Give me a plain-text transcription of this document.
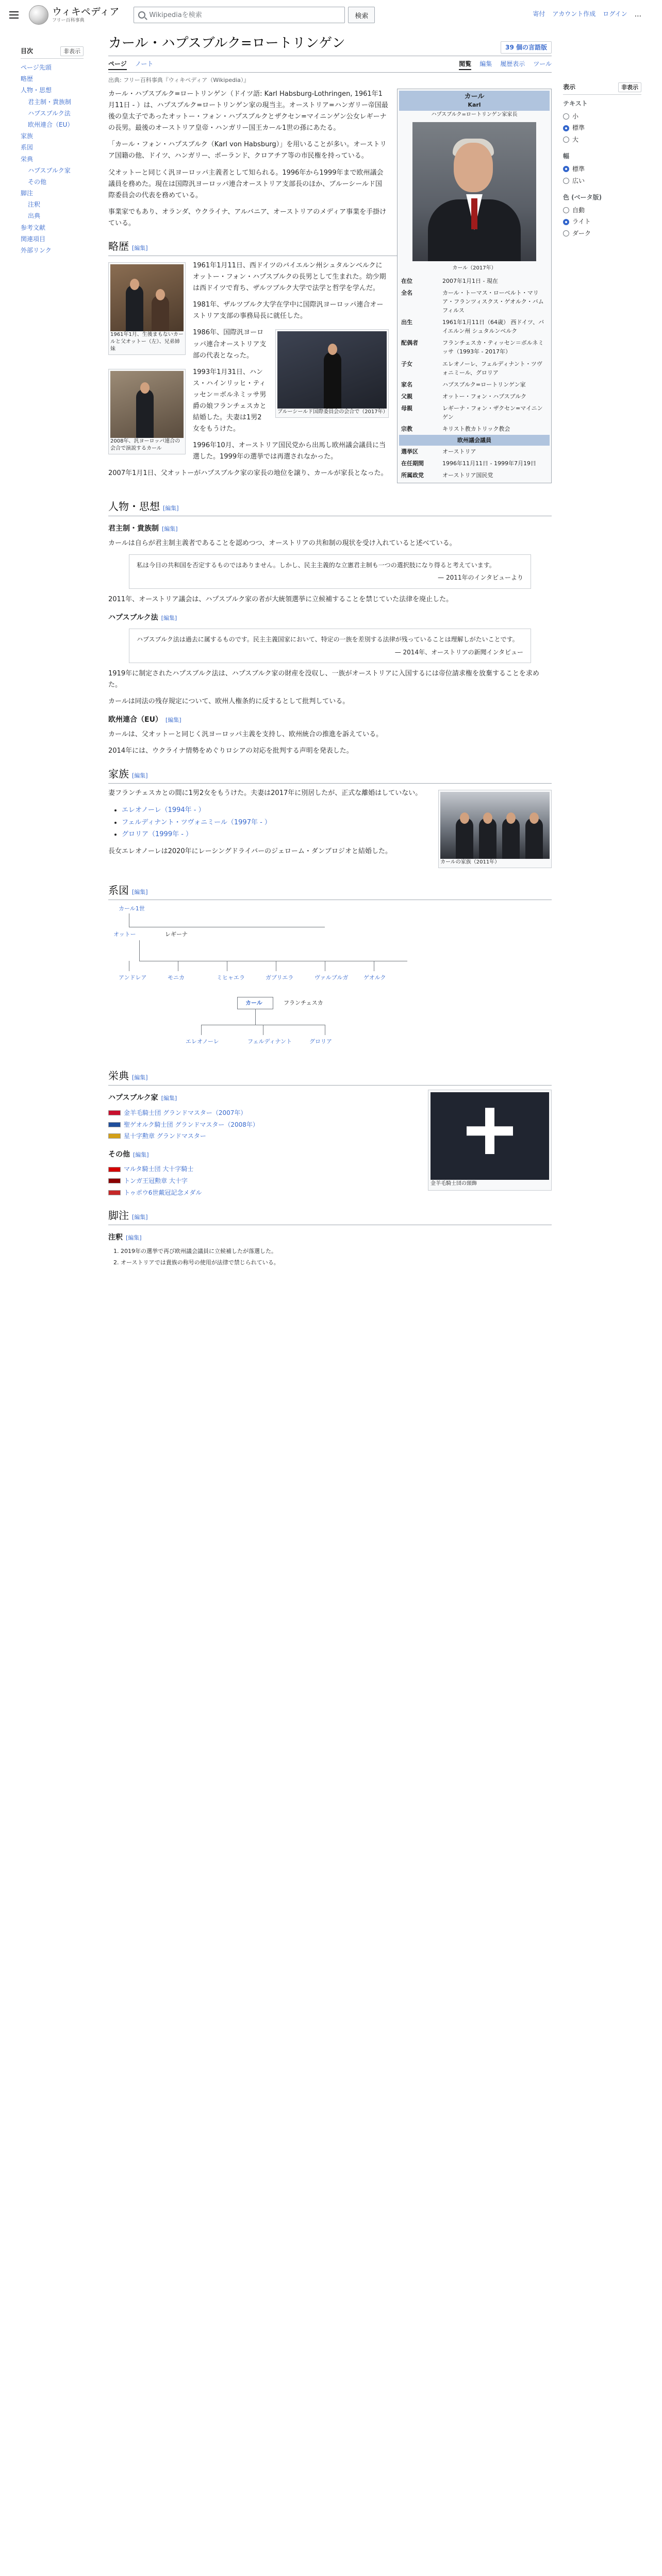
ウィキペディア
フリー百科事典
Wikipediaを検索
検索	寄付 アカウント作成 ログイン ...
目次	非表示
ページ先頭
略歴
人物・思想
君主制・貴族制
ハプスブルク法
欧州連合（EU）
家族
系図
栄典
ハプスブルク家
その他
脚注
注釈
出典
参考文献
関連項目
外部リンク
表示	非表示
テキスト
小
標準
大
幅
標準
広い
色 (ベータ版)
自動
ライト
ダーク
カール・ハプスブルク=ロートリンゲン	39 個の言語版
ページ ノート	閲覧 編集 履歴表示 ツール
出典: フリー百科事典『ウィキペディア（Wikipedia）』
カール
Karl
ハプスブルク=ロートリンゲン家家長
カール（2017年）
在位	2007年1月1日 - 現在
全名	カール・トーマス・ローベルト・マリア・フランツィスクス・ゲオルク・バムフィルス
出生	1961年1月11日（64歳） 西ドイツ、バイエルン州 シュタルンベルク
配偶者	フランチェスカ・ティッセン＝ボルネミッサ（1993年 - 2017年）
子女	エレオノーレ、フェルディナント・ツヴォニミール、グロリア
家名	ハプスブルク=ロートリンゲン家
父親	オットー・フォン・ハプスブルク
母親	レギーナ・フォン・ザクセン=マイニンゲン
宗教	キリスト教カトリック教会
欧州議会議員
選挙区	オーストリア
在任期間	1996年11月11日 - 1999年7月19日
所属政党	オーストリア国民党

カール・ハプスブルク=ロートリンゲン（ドイツ語: Karl Habsburg-Lothringen, 1961年1月11日 - ）は、ハプスブルク=ロートリンゲン家の現当主。オーストリア=ハンガリー帝国最後の皇太子であったオットー・フォン・ハプスブルクとザクセン=マイニンゲン公女レギーナの長男。最後のオーストリア皇帝・ハンガリー国王カール1世の孫にあたる。

「カール・フォン・ハプスブルク（Karl von Habsburg）」を用いることが多い。オーストリア国籍の他、ドイツ、ハンガリー、ポーランド、クロアチア等の市民権を持っている。

父オットーと同じく汎ヨーロッパ主義者として知られる。1996年から1999年まで欧州議会議員を務めた。現在は国際汎ヨーロッパ連合オーストリア支部長のほか、ブルーシールド国際委員会の代表を務めている。

事業家でもあり、オランダ、ウクライナ、アルバニア、オーストリアのメディア事業を手掛けている。

略歴 [編集]
1961年1月、生後まもないカールと父オットー（左）、兄弟姉妹

1961年1月11日、西ドイツのバイエルン州シュタルンベルクにオットー・フォン・ハプスブルクの長男として生まれた。幼少期は西ドイツで育ち、ザルツブルク大学で法学と哲学を学んだ。

1981年、ザルツブルク大学在学中に国際汎ヨーロッパ連合オーストリア支部の事務局長に就任した。

ブルーシールド国際委員会の会合で（2017年）

1986年、国際汎ヨーロッパ連合オーストリア支部の代表となった。

2008年、汎ヨーロッパ連合の会合で演説するカール

1993年1月31日、ハンス・ハインリッヒ・ティッセン＝ボルネミッサ男爵の娘フランチェスカと結婚した。夫妻は1男2女をもうけた。

1996年10月、オーストリア国民党から出馬し欧州議会議員に当選した。1999年の選挙では再選されなかった。

2007年1月1日、父オットーがハプスブルク家の家長の地位を譲り、カールが家長となった。

人物・思想 [編集]
君主制・貴族制 [編集]

カールは自らが君主制主義者であることを認めつつ、オーストリアの共和制の現状を受け入れていると述べている。

私は今日の共和国を否定するものではありません。しかし、民主主義的な立憲君主制も一つの選択肢になり得ると考えています。
— 2011年のインタビューより

2011年、オーストリア議会は、ハプスブルク家の者が大統領選挙に立候補することを禁じていた法律を廃止した。

ハプスブルク法 [編集]
ハプスブルク法は過去に属するものです。民主主義国家において、特定の一族を差別する法律が残っていることは理解しがたいことです。
— 2014年、オーストリアの新聞インタビュー

1919年に制定されたハプスブルク法は、ハプスブルク家の財産を没収し、一族がオーストリアに入国するには帝位請求権を放棄することを求めた。

カールは同法の残存規定について、欧州人権条約に反するとして批判している。

欧州連合（EU） [編集]

カールは、父オットーと同じく汎ヨーロッパ主義を支持し、欧州統合の推進を訴えている。

2014年には、ウクライナ情勢をめぐりロシアの対応を批判する声明を発表した。

家族 [編集]
カールの家族（2011年）

妻フランチェスカとの間に1男2女をもうけた。夫妻は2017年に別居したが、正式な離婚はしていない。

• エレオノーレ（1994年 - ）
• フェルディナント・ツヴォニミール（1997年 - ）
• グロリア（1999年 - ）

長女エレオノーレは2020年にレーシングドライバーのジェローム・ダンブロジオと結婚した。

系図 [編集]
カール1世
オットー	レギーナ
アンドレア	モニカ	ミヒャエラ	ガブリエラ	ヴァルブルガ	ゲオルク
カール	フランチェスカ
エレオノーレ	フェルディナント	グロリア
栄典 [編集]
金羊毛騎士団の頸飾
ハプスブルク家 [編集]
金羊毛騎士団 グランドマスター（2007年）
聖ゲオルク騎士団 グランドマスター（2008年）
星十字勲章 グランドマスター
その他 [編集]
マルタ騎士団 大十字騎士
トンガ王冠勲章 大十字
トゥポウ6世戴冠記念メダル
脚注 [編集]
注釈 [編集]
1. 2019年の選挙で再び欧州議会議員に立候補したが落選した。
2. オーストリアでは貴族の称号の使用が法律で禁じられている。
